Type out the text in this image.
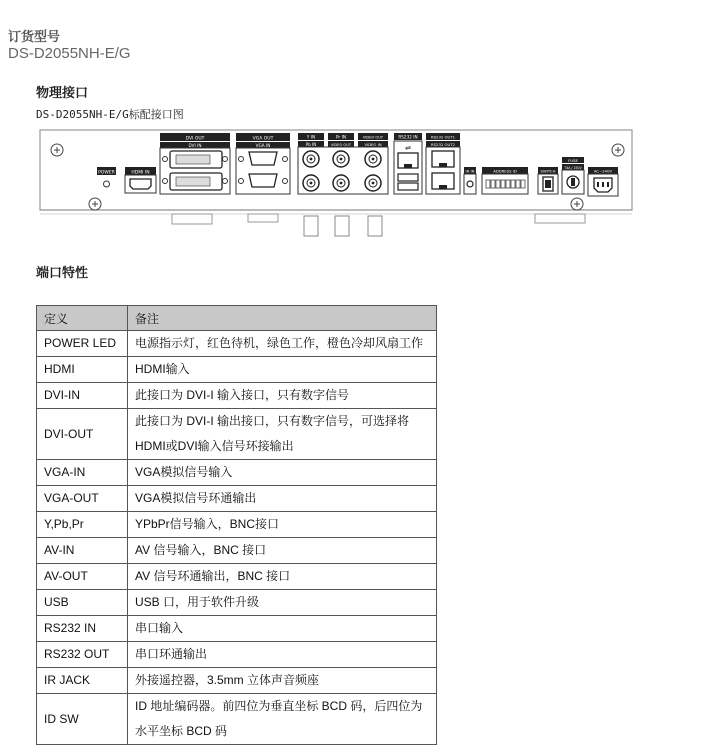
订货型号
DS-D2055NH-E/G
物理接口
DS-D2055NH-E/G标配接口图
POWER	HDMI IN
DVI OUT
DVI IN
VGA OUT
VGA IN
Y IN
Pb IN
Pr IN
VIDEO OUT
VIDEO OUT
VIDEO IN
RS232 IN
⇌
RS232 OUT1
RS232 OUT2
IR IN	ADDRESS ID	SWITCH
FUSE
T4A / 250V
AC~240V
端口特性
定义	备注
POWER LED	电源指示灯，红色待机，绿色工作，橙色冷却风扇工作
HDMI	HDMI输入
DVI-IN	此接口为 DVI-I 输入接口，只有数字信号
DVI-OUT	此接口为 DVI-I 输出接口，只有数字信号，可选择将
HDMI或DVI输入信号环接输出

VGA-IN	VGA模拟信号输入
VGA-OUT	VGA模拟信号环通输出
Y,Pb,Pr	YPbPr信号输入，BNC接口
AV-IN	AV 信号输入，BNC 接口
AV-OUT	AV 信号环通输出，BNC 接口
USB	USB 口，用于软件升级
RS232 IN	串口输入
RS232 OUT	串口环通输出
IR JACK	外接遥控器，3.5mm 立体声音频座
ID SW	ID 地址编码器。前四位为垂直坐标 BCD 码，后四位为
水平坐标 BCD 码
